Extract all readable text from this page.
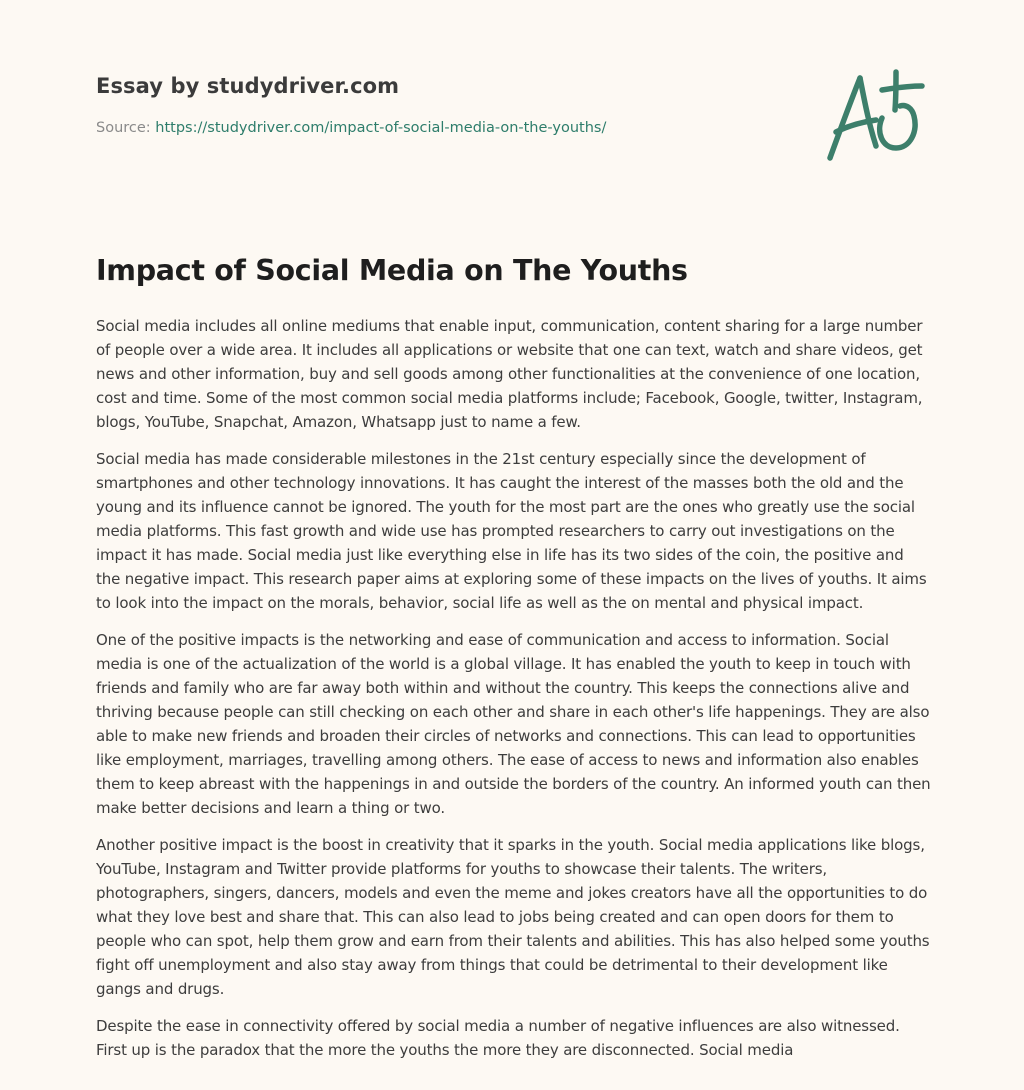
Essay by studydriver.com
Source: https://studydriver.com/impact-of-social-media-on-the-youths/
Impact of Social Media on The Youths

Social media includes all online mediums that enable input, communication, content sharing for a large number of people over a wide area. It includes all applications or website that one can text, watch and share videos, get news and other information, buy and sell goods among other functionalities at the convenience of one location, cost and time. Some of the most common social media platforms include; Facebook, Google, twitter, Instagram, blogs, YouTube, Snapchat, Amazon, Whatsapp just to name a few.

Social media has made considerable milestones in the 21st century especially since the development of smartphones and other technology innovations. It has caught the interest of the masses both the old and the young and its influence cannot be ignored. The youth for the most part are the ones who greatly use the social media platforms. This fast growth and wide use has prompted researchers to carry out investigations on the impact it has made. Social media just like everything else in life has its two sides of the coin, the positive and the negative impact. This research paper aims at exploring some of these impacts on the lives of youths. It aims to look into the impact on the morals, behavior, social life as well as the on mental and physical impact.

One of the positive impacts is the networking and ease of communication and access to information. Social media is one of the actualization of the world is a global village. It has enabled the youth to keep in touch with friends and family who are far away both within and without the country. This keeps the connections alive and thriving because people can still checking on each other and share in each other's life happenings. They are also able to make new friends and broaden their circles of networks and connections. This can lead to opportunities like employment, marriages, travelling among others. The ease of access to news and information also enables them to keep abreast with the happenings in and outside the borders of the country. An informed youth can then make better decisions and learn a thing or two.

Another positive impact is the boost in creativity that it sparks in the youth. Social media applications like blogs, YouTube, Instagram and Twitter provide platforms for youths to showcase their talents. The writers, photographers, singers, dancers, models and even the meme and jokes creators have all the opportunities to do what they love best and share that. This can also lead to jobs being created and can open doors for them to people who can spot, help them grow and earn from their talents and abilities. This has also helped some youths fight off unemployment and also stay away from things that could be detrimental to their development like gangs and drugs.

Despite the ease in connectivity offered by social media a number of negative influences are also witnessed. First up is the paradox that the more the youths the more they are disconnected. Social media
